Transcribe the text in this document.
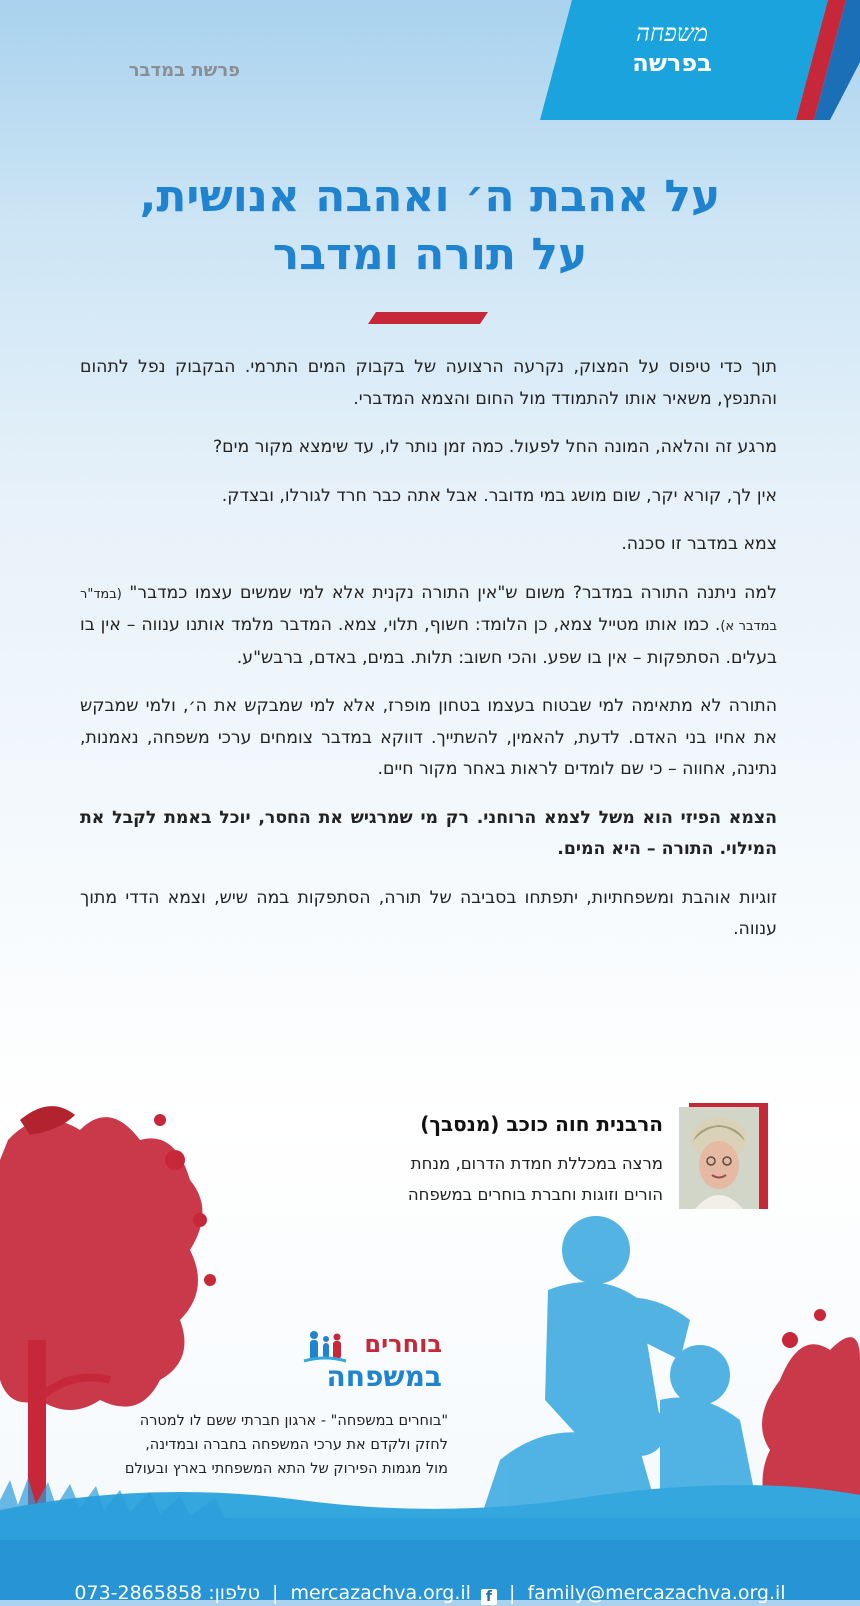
משפחה
בפרשה
פרשת במדבר
על אהבת ה׳ ואהבה אנושית,
על תורה ומדבר

תוך כדי טיפוס על המצוק, נקרעה הרצועה של בקבוק המים התרמי. הבקבוק נפל לתהום והתנפץ, משאיר אותו להתמודד מול החום והצמא המדברי.

מרגע זה והלאה, המונה החל לפעול. כמה זמן נותר לו, עד שימצא מקור מים?

אין לך, קורא יקר, שום מושג במי מדובר. אבל אתה כבר חרד לגורלו, ובצדק.

צמא במדבר זו סכנה.

למה ניתנה התורה במדבר? משום ש"אין התורה נקנית אלא למי שמשים עצמו כמדבר" (במד"ר במדבר א). כמו אותו מטייל צמא, כן הלומד: חשוף, תלוי, צמא. המדבר מלמד אותנו ענווה – אין בו בעלים. הסתפקות – אין בו שפע. והכי חשוב: תלות. במים, באדם, ברבש"ע.

התורה לא מתאימה למי שבטוח בעצמו בטחון מופרז, אלא למי שמבקש את ה׳, ולמי שמבקש את אחיו בני האדם. לדעת, להאמין, להשתייך. דווקא במדבר צומחים ערכי משפחה, נאמנות, נתינה, אחווה – כי שם לומדים לראות באחר מקור חיים.

הצמא הפיזי הוא משל לצמא הרוחני. רק מי שמרגיש את החסר, יוכל באמת לקבל את המילוי. התורה – היא המים.

זוגיות אוהבת ומשפחתיות, יתפתחו בסביבה של תורה, הסתפקות במה שיש, וצמא הדדי מתוך ענווה.

הרבנית חוה כוכב (מנסבך)
מרצה במכללת חמדת הדרום, מנחת
הורים וזוגות וחברת בוחרים במשפחה
בוחרים
במשפחה
"בוחרים במשפחה" - ארגון חברתי ששם לו למטרה
לחזק ולקדם את ערכי המשפחה בחברה ובמדינה,
מול מגמות הפירוק של התא המשפחתי בארץ ובעולם
073-2865858 :טלפון | mercazachva.org.il f | family@mercazachva.org.il
